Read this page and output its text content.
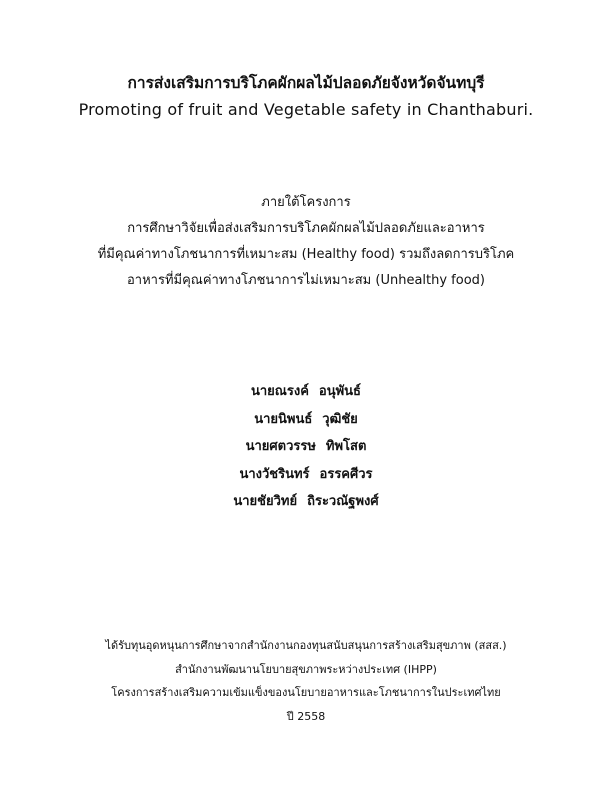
การส่งเสริมการบริโภคผักผลไม้ปลอดภัยจังหวัดจันทบุรี
Promoting of fruit and Vegetable safety in Chanthaburi.
ภายใต้โครงการ
การศึกษาวิจัยเพื่อส่งเสริมการบริโภคผักผลไม้ปลอดภัยและอาหาร
ที่มีคุณค่าทางโภชนาการที่เหมาะสม (Healthy food) รวมถึงลดการบริโภค
อาหารที่มีคุณค่าทางโภชนาการไม่เหมาะสม (Unhealthy food)
นายณรงค์ อนุพันธ์
นายนิพนธ์ วุฒิชัย
นายศตวรรษ ทิพโสต
นางวัชรินทร์ อรรคศีวร
นายชัยวิทย์ ถิระวณัฐพงศ์
ได้รับทุนอุดหนุนการศึกษาจากสำนักงานกองทุนสนับสนุนการสร้างเสริมสุขภาพ (สสส.)
สำนักงานพัฒนานโยบายสุขภาพระหว่างประเทศ (IHPP)
โครงการสร้างเสริมความเข้มแข็งของนโยบายอาหารและโภชนาการในประเทศไทย
ปี 2558
